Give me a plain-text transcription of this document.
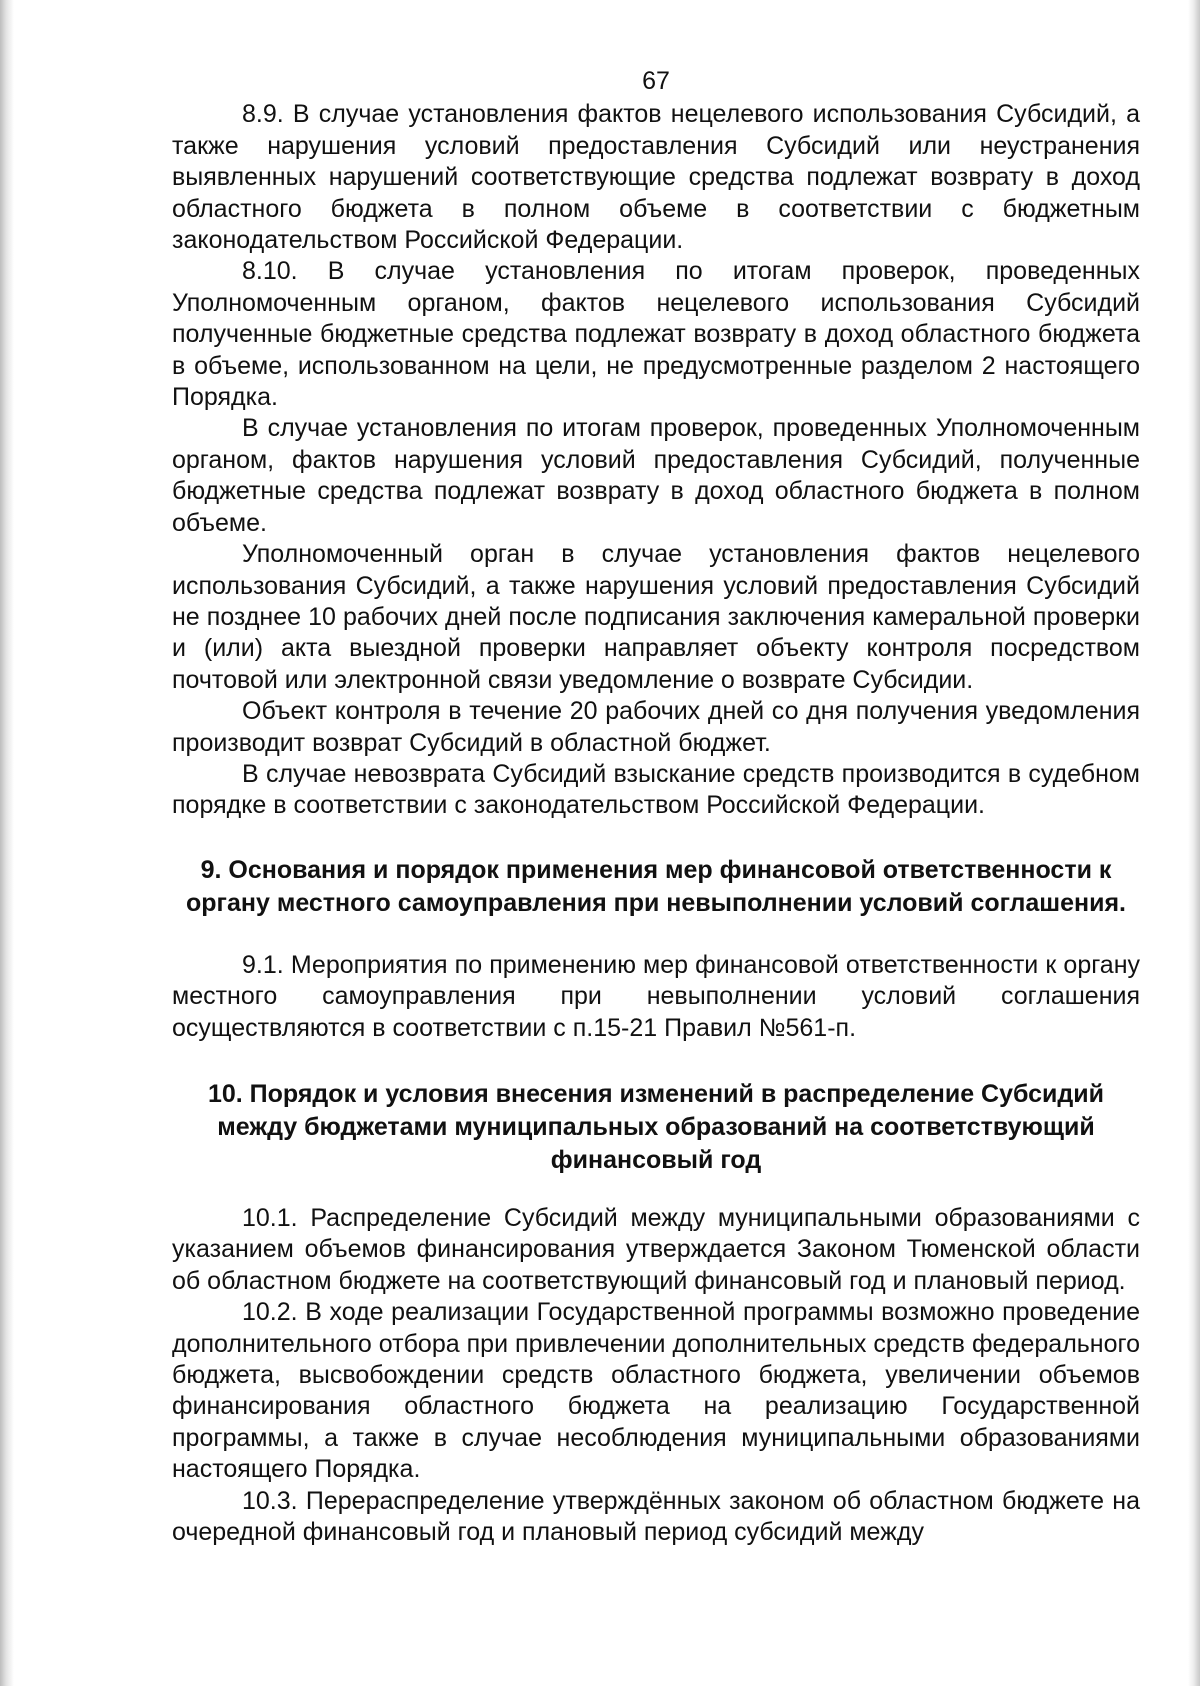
67

8.9. В случае установления фактов нецелевого использования Субсидий, а также нарушения условий предоставления Субсидий или неустранения выявленных нарушений соответствующие средства подлежат возврату в доход областного бюджета в полном объеме в соответствии с бюджетным законодательством Российской Федерации.

8.10. В случае установления по итогам проверок, проведенных Уполномоченным органом, фактов нецелевого использования Субсидий полученные бюджетные средства подлежат возврату в доход областного бюджета в объеме, использованном на цели, не предусмотренные разделом 2 настоящего Порядка.

В случае установления по итогам проверок, проведенных Уполномоченным органом, фактов нарушения условий предоставления Субсидий, полученные бюджетные средства подлежат возврату в доход областного бюджета в полном объеме.

Уполномоченный орган в случае установления фактов нецелевого использования Субсидий, а также нарушения условий предоставления Субсидий не позднее 10 рабочих дней после подписания заключения камеральной проверки и (или) акта выездной проверки направляет объекту контроля посредством почтовой или электронной связи уведомление о возврате Субсидии.

Объект контроля в течение 20 рабочих дней со дня получения уведомления производит возврат Субсидий в областной бюджет.

В случае невозврата Субсидий взыскание средств производится в судебном порядке в соответствии с законодательством Российской Федерации.

9. Основания и порядок применения мер финансовой ответственности к органу местного самоуправления при невыполнении условий соглашения.

9.1. Мероприятия по применению мер финансовой ответственности к органу местного самоуправления при невыполнении условий соглашения осуществляются в соответствии с п.15-21 Правил №561-п.

10. Порядок и условия внесения изменений в распределение Субсидий между бюджетами муниципальных образований на соответствующий финансовый год

10.1. Распределение Субсидий между муниципальными образованиями с указанием объемов финансирования утверждается Законом Тюменской области об областном бюджете на соответствующий финансовый год и плановый период.

10.2. В ходе реализации Государственной программы возможно проведение дополнительного отбора при привлечении дополнительных средств федерального бюджета, высвобождении средств областного бюджета, увеличении объемов финансирования областного бюджета на реализацию Государственной программы, а также в случае несоблюдения муниципальными образованиями настоящего Порядка.

10.3. Перераспределение утверждённых законом об областном бюджете на очередной финансовый год и плановый период субсидий между
